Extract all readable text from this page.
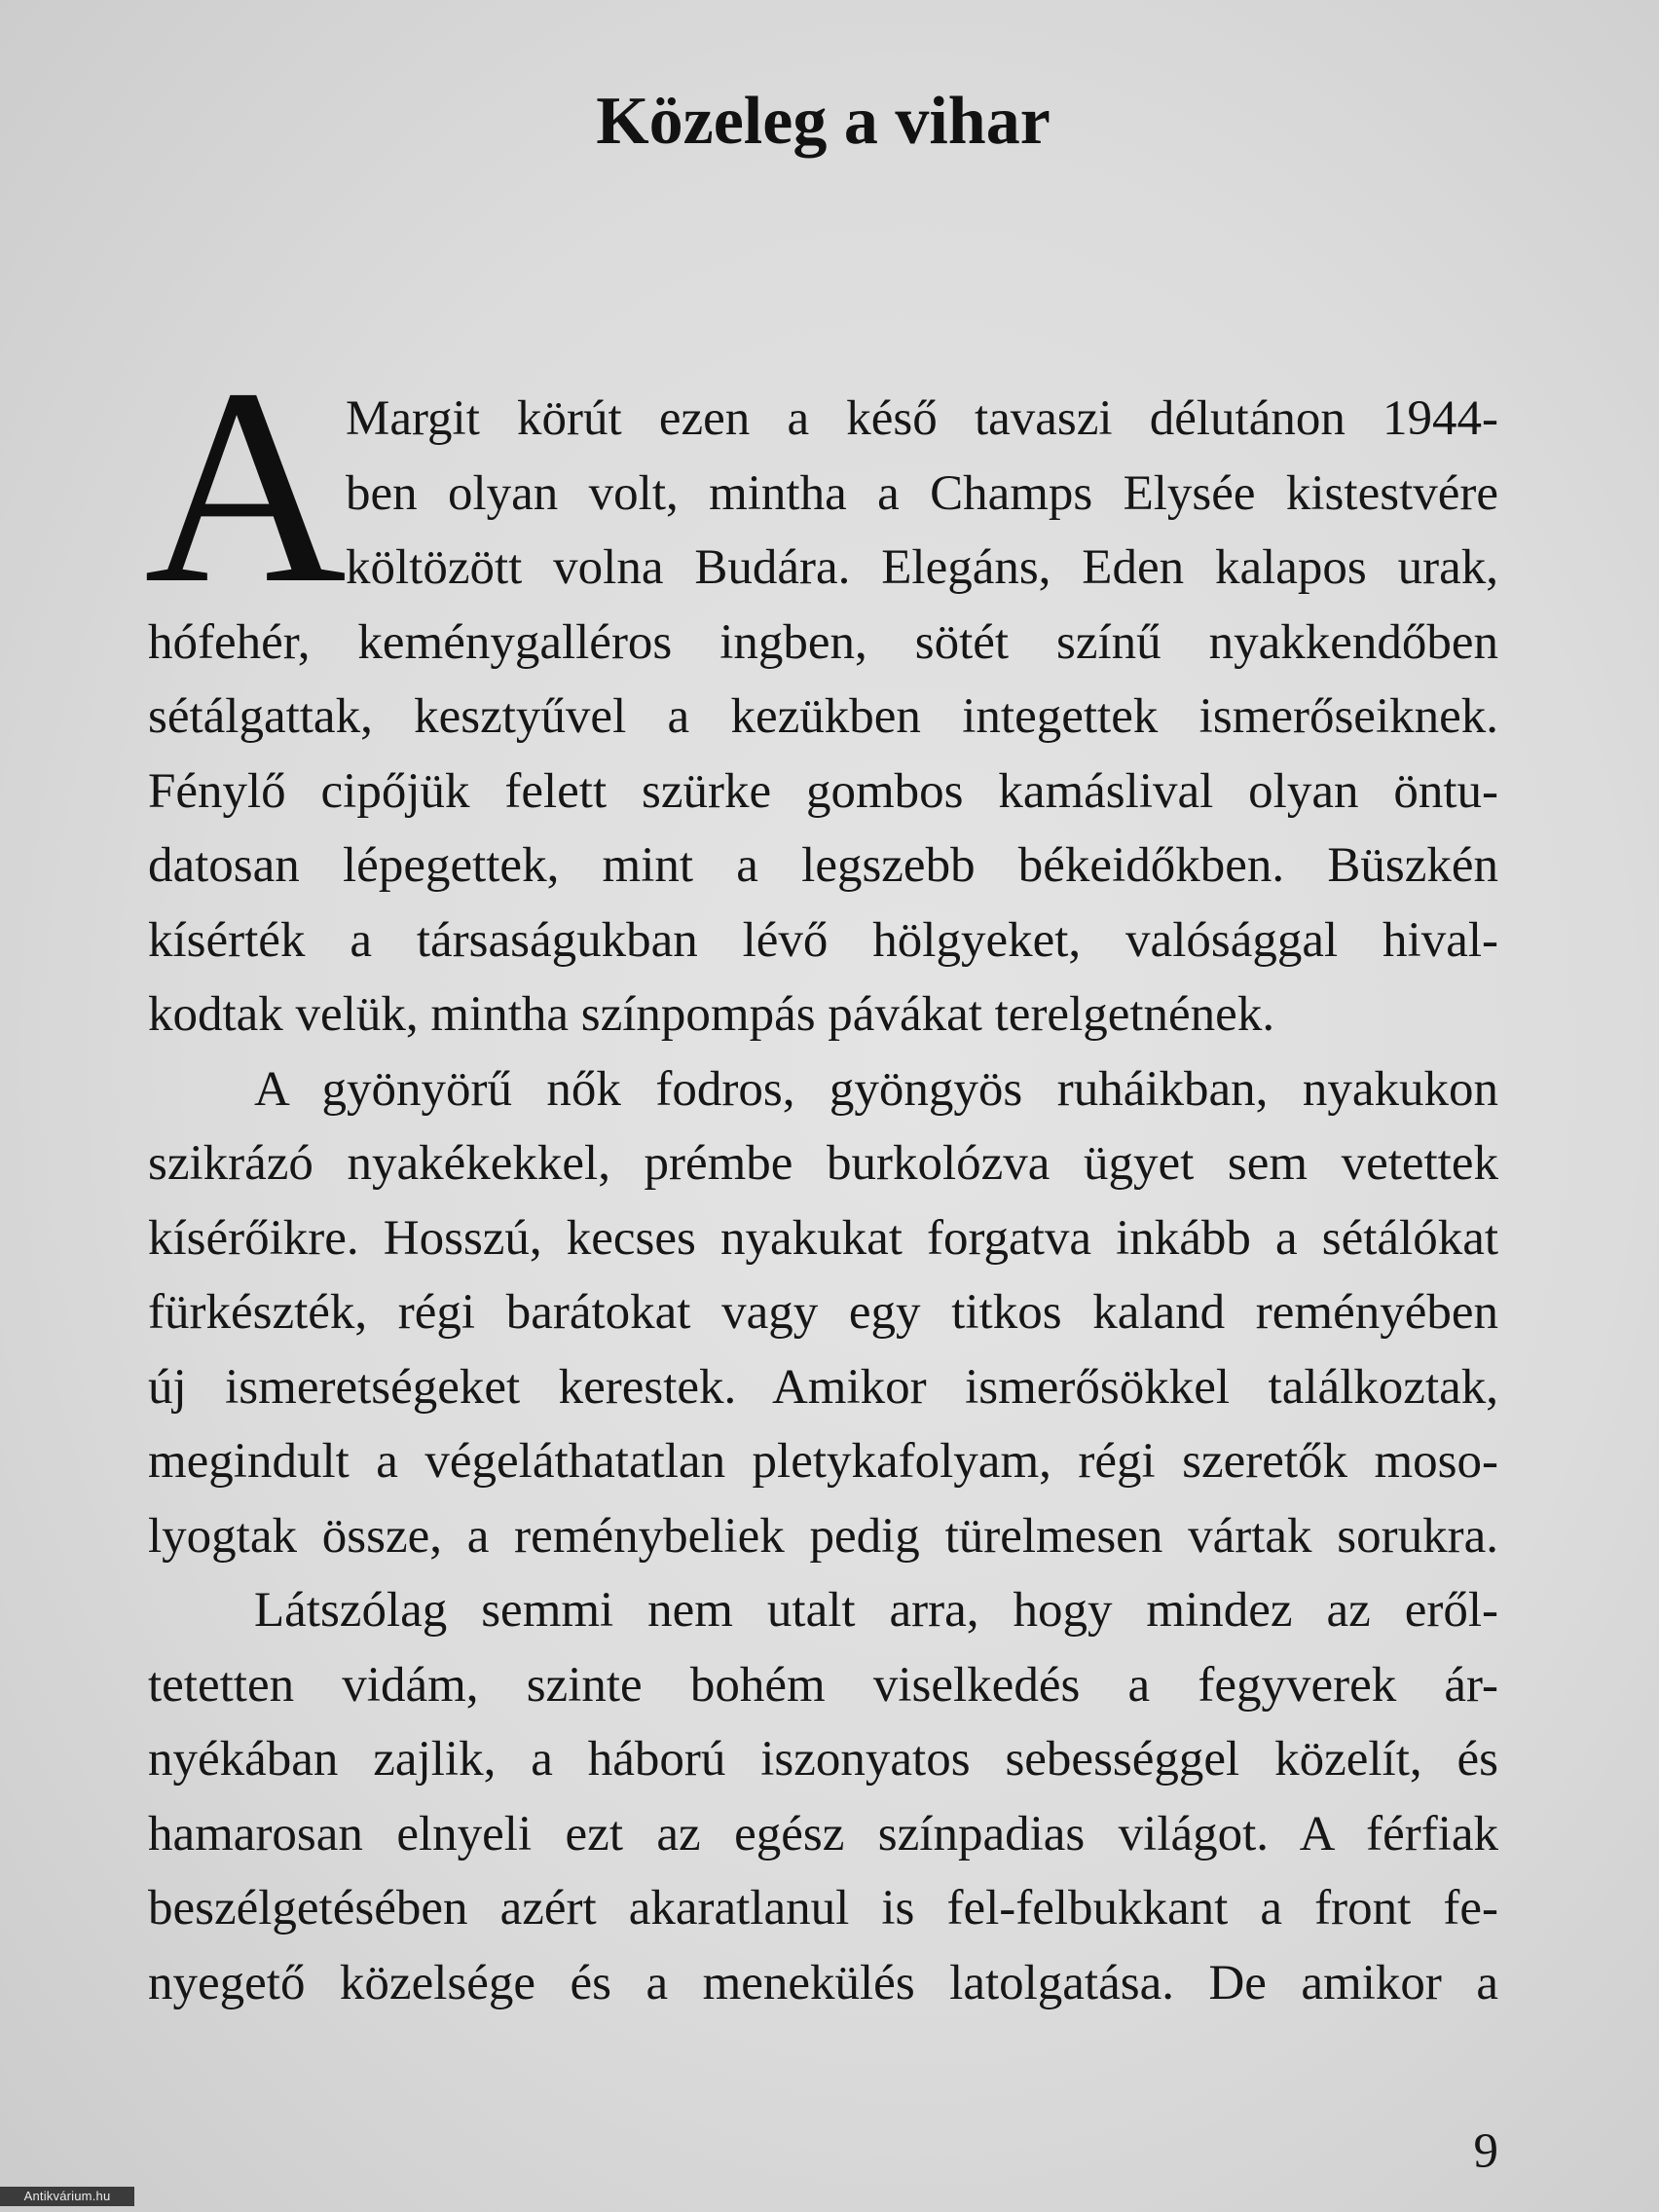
Közeleg a vihar
A Margit körút ezen a késő tavaszi délutánon 1944-
ben olyan volt, mintha a Champs Elysée kistestvére
költözött volna Budára. Elegáns, Eden kalapos urak,
hófehér, keménygalléros ingben, sötét színű nyakkendőben
sétálgattak, kesztyűvel a kezükben integettek ismerőseiknek.
Fénylő cipőjük felett szürke gombos kamáslival olyan öntu-
datosan lépegettek, mint a legszebb békeidőkben. Büszkén
kísérték a társaságukban lévő hölgyeket, valósággal hival-
kodtak velük, mintha színpompás pávákat terelgetnének.
A gyönyörű nők fodros, gyöngyös ruháikban, nyakukon
szikrázó nyakékekkel, prémbe burkolózva ügyet sem vetettek
kísérőikre. Hosszú, kecses nyakukat forgatva inkább a sétálókat
fürkészték, régi barátokat vagy egy titkos kaland reményében
új ismeretségeket kerestek. Amikor ismerősökkel találkoztak,
megindult a végeláthatatlan pletykafolyam, régi szeretők moso-
lyogtak össze, a reménybeliek pedig türelmesen vártak sorukra.
Látszólag semmi nem utalt arra, hogy mindez az eről-
tetetten vidám, szinte bohém viselkedés a fegyverek ár-
nyékában zajlik, a háború iszonyatos sebességgel közelít, és
hamarosan elnyeli ezt az egész színpadias világot. A férfiak
beszélgetésében azért akaratlanul is fel-felbukkant a front fe-
nyegető közelsége és a menekülés latolgatása. De amikor a
9
Antikvárium.hu
